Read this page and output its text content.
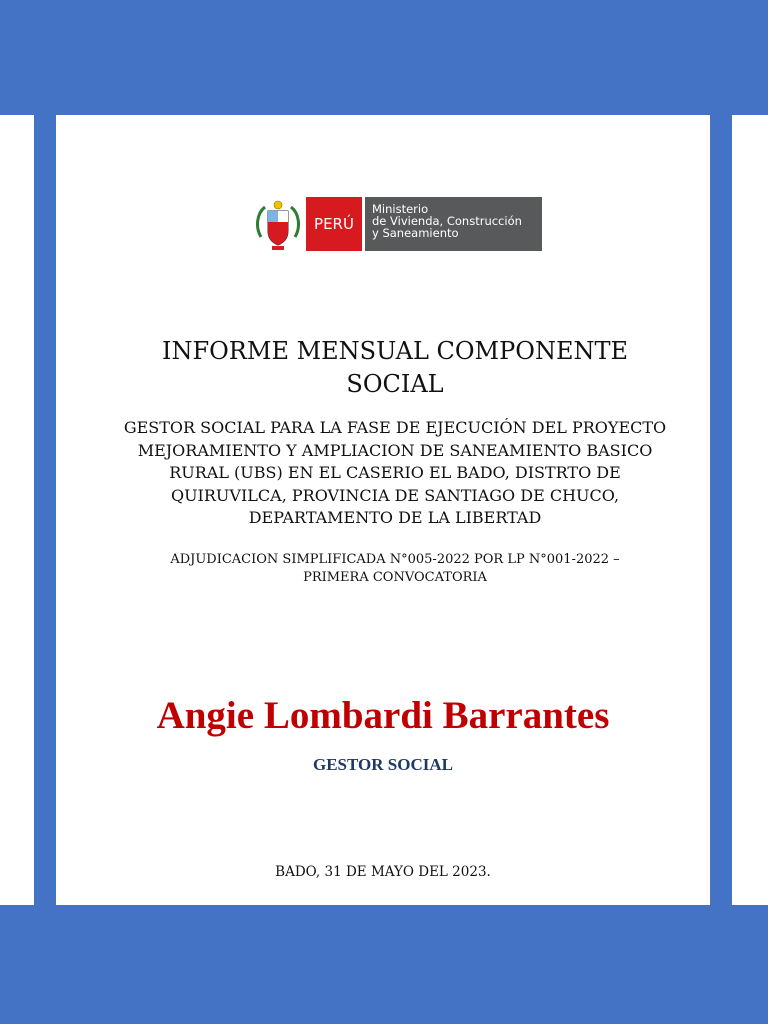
PERÚ
Ministerio
de Vivienda, Construcción
y Saneamiento
INFORME MENSUAL COMPONENTE
SOCIAL
GESTOR SOCIAL PARA LA FASE DE EJECUCIÓN DEL PROYECTO
MEJORAMIENTO Y AMPLIACION DE SANEAMIENTO BASICO
RURAL (UBS) EN EL CASERIO EL BADO, DISTRTO DE
QUIRUVILCA, PROVINCIA DE SANTIAGO DE CHUCO,
DEPARTAMENTO DE LA LIBERTAD
ADJUDICACION SIMPLIFICADA N°005-2022 POR LP N°001-2022 –
PRIMERA CONVOCATORIA
Angie Lombardi Barrantes
GESTOR SOCIAL
BADO, 31 DE MAYO DEL 2023.
